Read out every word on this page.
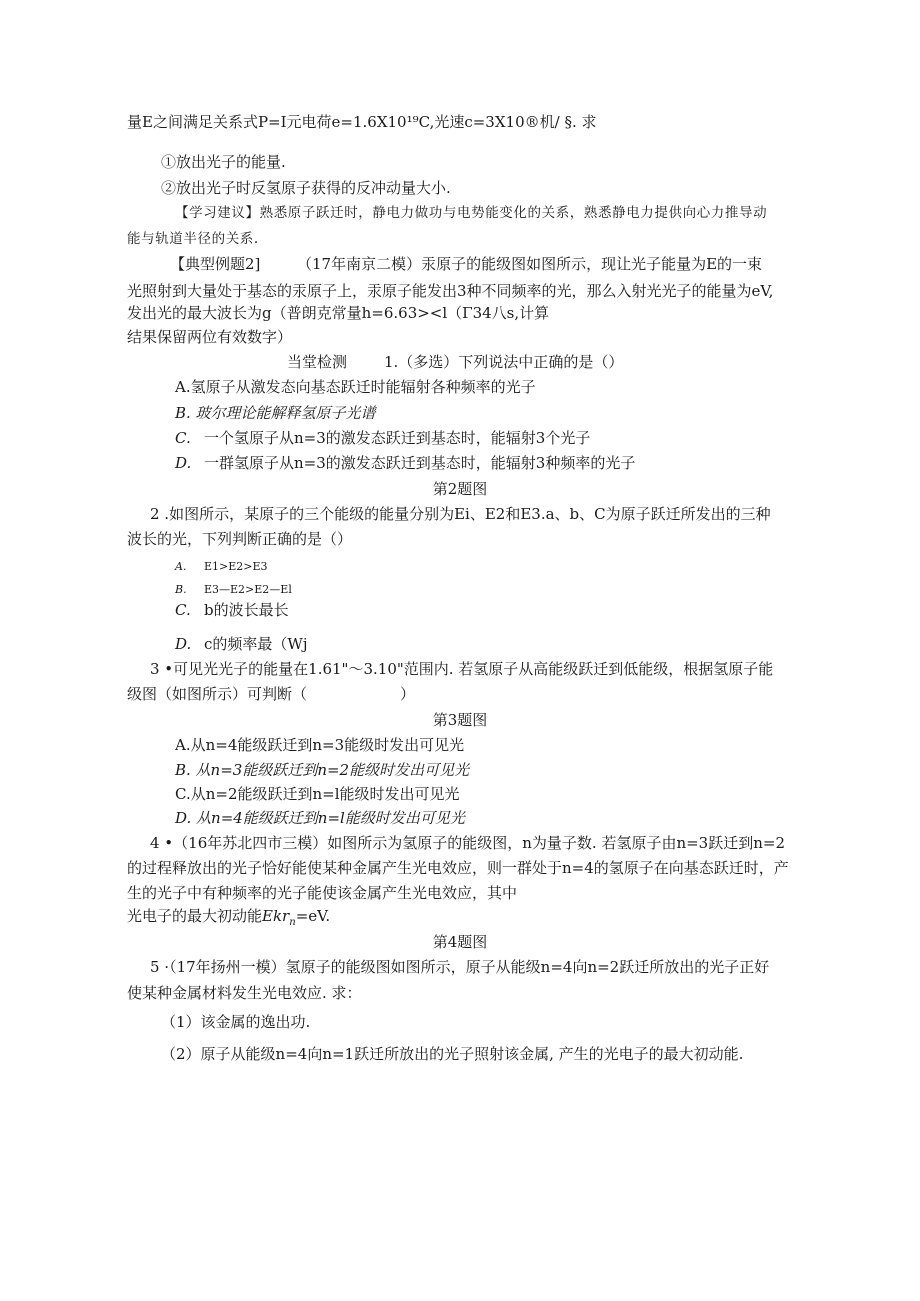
量E之间满足关系式P=I元电荷e=1.6X10¹⁹C,光速c=3X10®机/ §. 求
①放出光子的能量.
②放出光子时反氢原子获得的反冲动量大小.
【学习建议】熟悉原子跃迁时，静电力做功与电势能变化的关系，熟悉静电力提供向心力推导动
能与轨道半径的关系.
【典型例题2] （17年南京二模）汞原子的能级图如图所示，现让光子能量为E的一束
光照射到大量处于基态的汞原子上，汞原子能发出3种不同频率的光，那么入射光光子的能量为eV,
发出光的最大波长为g（普朗克常量h=6.63><l（Γ34八s,计算
结果保留两位有效数字）
当堂检测 1.（多选）下列说法中正确的是（）
A.氢原子从激发态向基态跃迁时能辐射各种频率的光子
B. 玻尔理论能解释氢原子光谱
C. 一个氢原子从n=3的激发态跃迁到基态时，能辐射3个光子
D. 一群氢原子从n=3的激发态跃迁到基态时，能辐射3种频率的光子
第2题图
2 .如图所示，某原子的三个能级的能量分别为Ei、E2和E3.a、b、C为原子跃迁所发出的三种
波长的光，下列判断正确的是（）
A. E1>E2>E3
B. E3—E2>E2—El
C. b的波长最长
D. c的频率最（Wj
3 •可见光光子的能量在1.61"～3.10"范围内. 若氢原子从高能级跃迁到低能级，根据氢原子能
级图（如图所示）可判断（	）
第3题图
A.从n=4能级跃迁到n=3能级时发出可见光
B. 从n=3能级跃迁到n=2能级时发出可见光
C.从n=2能级跃迁到n=l能级时发出可见光
D. 从n=4能级跃迁到n=l能级时发出可见光
4 •（16年苏北四市三模）如图所示为氢原子的能级图，n为量子数. 若氢原子由n=3跃迁到n=2
的过程释放出的光子恰好能使某种金属产生光电效应，则一群处于n=4的氢原子在向基态跃迁时，产
生的光子中有种频率的光子能使该金属产生光电效应，其中
光电子的最大初动能Ekr$_n$=eV.
第4题图
5 ·（17年扬州一模）氢原子的能级图如图所示，原子从能级n=4向n=2跃迁所放出的光子正好
使某种金属材料发生光电效应. 求：
（1）该金属的逸出功.
（2）原子从能级n=4向n=1跃迁所放出的光子照射该金属, 产生的光电子的最大初动能.
